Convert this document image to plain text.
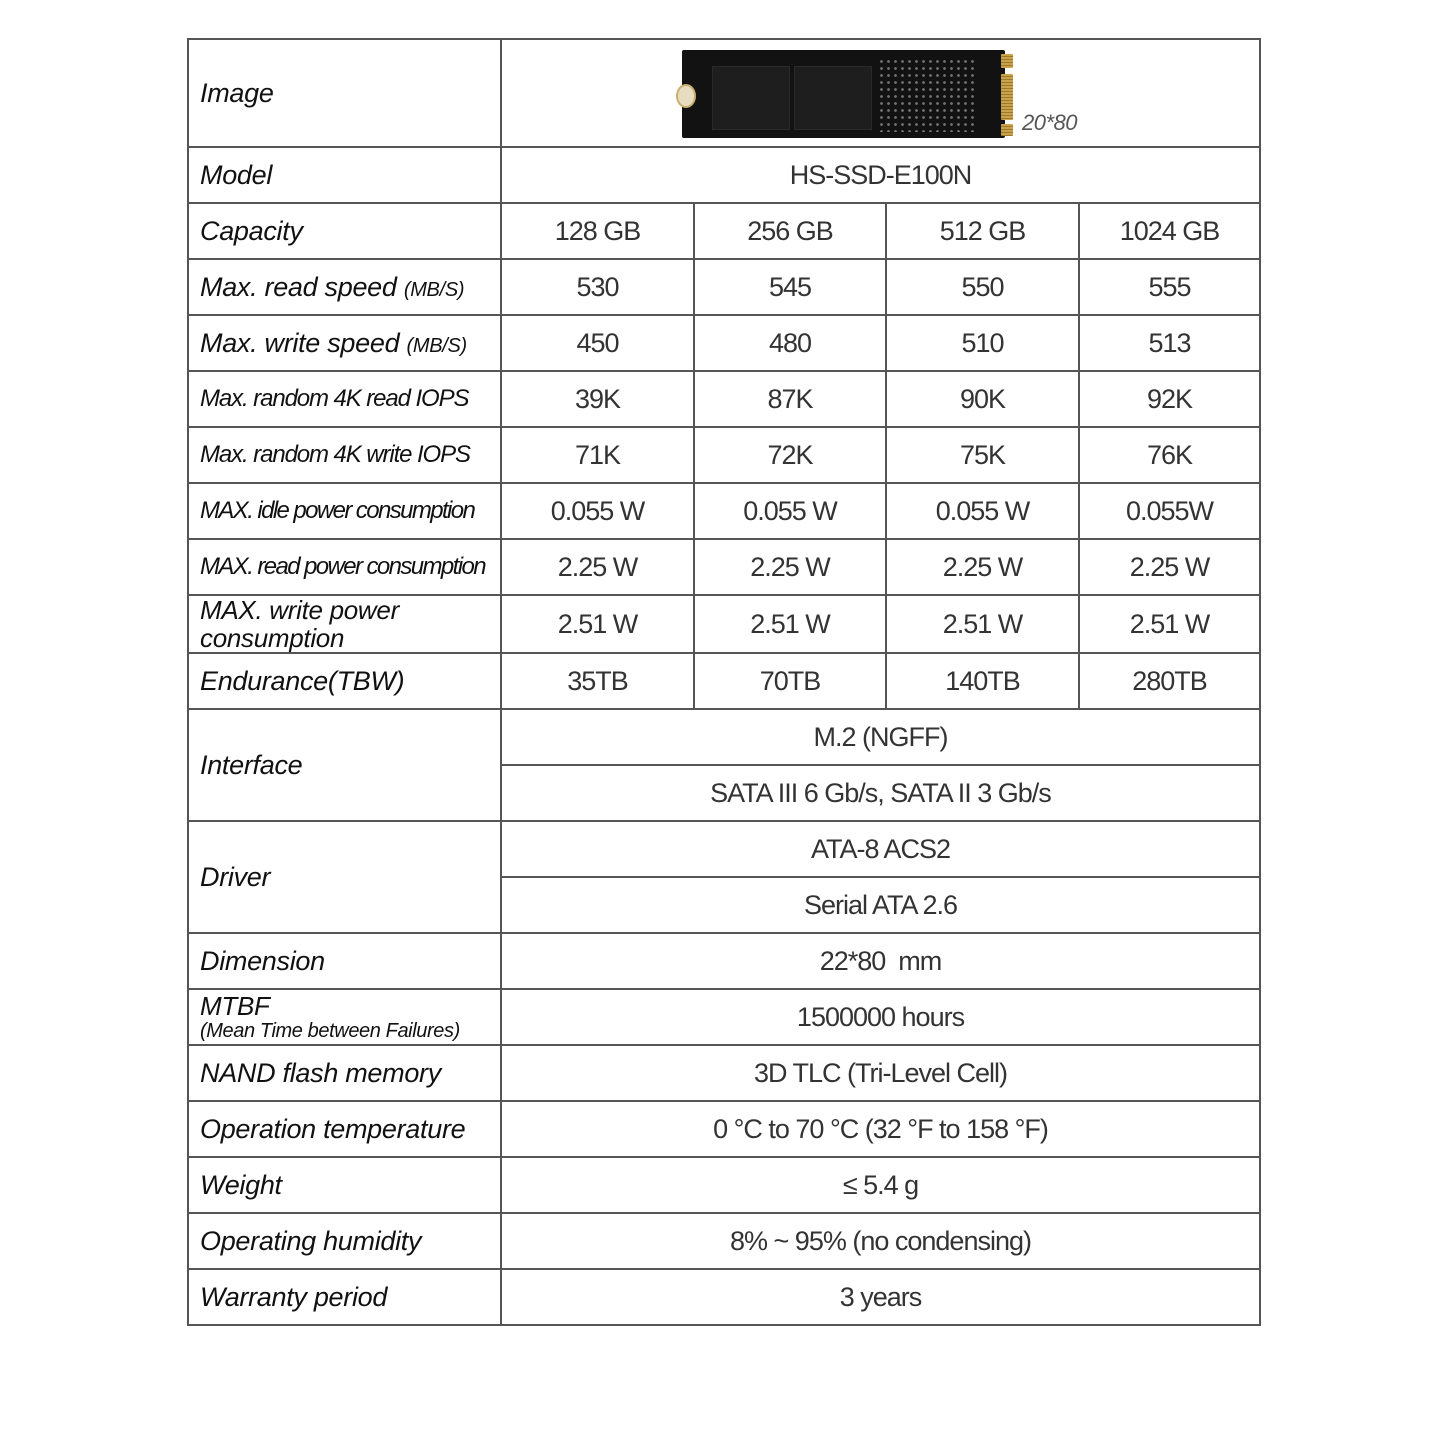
Image	20*80			

Model	HS-SSD-E100N			
Capacity	128 GB	256 GB	512 GB	1024 GB
Max. read speed (MB/S)	530	545	550	555
Max. write speed (MB/S)	450	480	510	513
Max. random 4K read IOPS	39K	87K	90K	92K
Max. random 4K write IOPS	71K	72K	75K	76K
MAX. idle power consumption	0.055 W	0.055 W	0.055 W	0.055W
MAX. read power consumption	2.25 W	2.25 W	2.25 W	2.25 W

MAX. write power
consumption	2.51 W	2.51 W	2.51 W	2.51 W
Endurance(TBW)	35TB	70TB	140TB	280TB
Interface	M.2 (NGFF)			
	SATA III 6 Gb/s, SATA II 3 Gb/s			
Driver	ATA-8 ACS2			
	Serial ATA 2.6			
Dimension	22*80  mm			

MTBF
(Mean Time between Failures)	1500000 hours			
NAND flash memory	3D TLC (Tri-Level Cell)			
Operation temperature	0 °C to 70 °C (32 °F to 158 °F)			
Weight	≤ 5.4 g			
Operating humidity	8% ~ 95% (no condensing)			
Warranty period	3 years			
